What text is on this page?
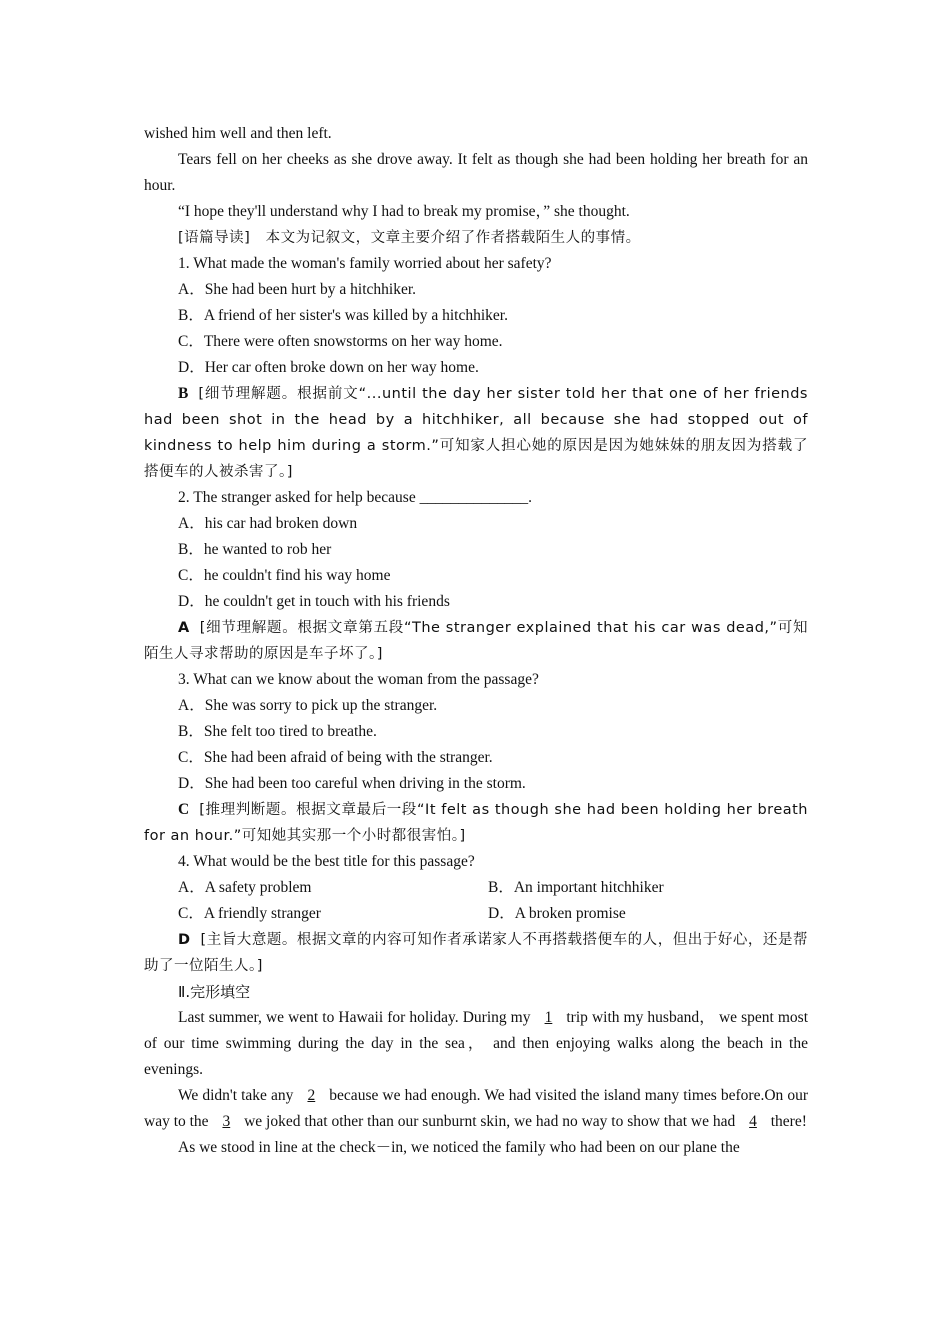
wished him well and then left.

Tears fell on her cheeks as she drove away. It felt as though she had been holding her breath for an hour.

“I hope they'll understand why I had to break my promise，” she thought.

[语篇导读] 本文为记叙文，文章主要介绍了作者搭载陌生人的事情。

1. What made the woman's family worried about her safety?

A．She had been hurt by a hitchhiker.

B．A friend of her sister's was killed by a hitchhiker.

C．There were often snowstorms on her way home.

D．Her car often broke down on her way home.

B [细节理解题。根据前文“...until the day her sister told her that one of her friends had been shot in the head by a hitchhiker, all because she had stopped out of kindness to help him during a storm.”可知家人担心她的原因是因为她妹妹的朋友因为搭载了搭便车的人被杀害了。]

2. The stranger asked for help because ______________.

A．his car had broken down

B．he wanted to rob her

C．he couldn't find his way home

D．he couldn't get in touch with his friends

A [细节理解题。根据文章第五段“The stranger explained that his car was dead,”可知陌生人寻求帮助的原因是车子坏了。]

3. What can we know about the woman from the passage?

A．She was sorry to pick up the stranger.

B．She felt too tired to breathe.

C．She had been afraid of being with the stranger.

D．She had been too careful when driving in the storm.

C [推理判断题。根据文章最后一段“It felt as though she had been holding her breath for an hour.”可知她其实那一个小时都很害怕。]

4. What would be the best title for this passage?

A．A safety problem	B．An important hitchhiker
C．A friendly stranger	D．A broken promise

D [主旨大意题。根据文章的内容可知作者承诺家人不再搭载搭便车的人，但出于好心，还是帮助了一位陌生人。]

Ⅱ.完形填空

Last summer, we went to Hawaii for holiday. During my 1 trip with my husband， we spent most of our time swimming during the day in the sea， and then enjoying walks along the beach in the evenings.

We didn't take any 2 because we had enough. We had visited the island many times before.On our way to the 3 we joked that other than our sunburnt skin, we had no way to show that we had 4 there!

As we stood in line at the check－in, we noticed the family who had been on our plane the
